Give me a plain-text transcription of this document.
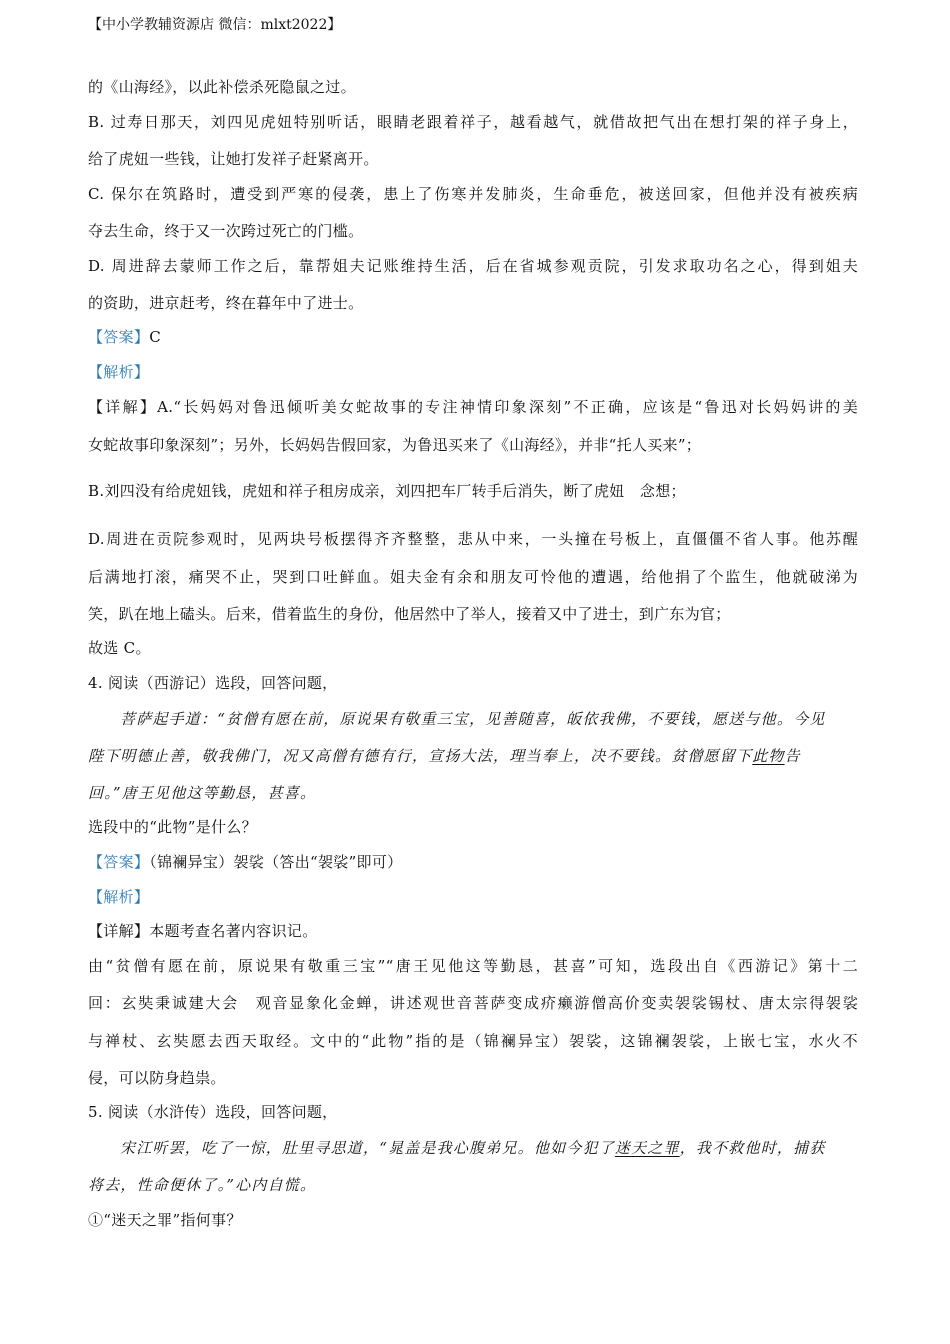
【中小学教辅资源店 微信：mlxt2022】
的《山海经》，以此补偿杀死隐鼠之过。
B. 过寿日那天，刘四见虎妞特别听话，眼睛老跟着祥子，越看越气，就借故把气出在想打架的祥子身上，
给了虎妞一些钱，让她打发祥子赶紧离开。
C. 保尔在筑路时，遭受到严寒的侵袭，患上了伤寒并发肺炎，生命垂危，被送回家，但他并没有被疾病
夺去生命，终于又一次跨过死亡的门槛。
D. 周进辞去蒙师工作之后，靠帮姐夫记账维持生活，后在省城参观贡院，引发求取功名之心，得到姐夫
的资助，进京赶考，终在暮年中了进士。
【答案】C
【解析】
【详解】A.“长妈妈对鲁迅倾听美女蛇故事的专注神情印象深刻”不正确，应该是“鲁迅对长妈妈讲的美
女蛇故事印象深刻”；另外，长妈妈告假回家，为鲁迅买来了《山海经》，并非“托人买来”；
B.刘四没有给虎妞钱，虎妞和祥子租房成亲，刘四把车厂转手后消失，断了虎妞　念想；
D.周进在贡院参观时，见两块号板摆得齐齐整整，悲从中来，一头撞在号板上，直僵僵不省人事。他苏醒
后满地打滚，痛哭不止，哭到口吐鲜血。姐夫金有余和朋友可怜他的遭遇，给他捐了个监生，他就破涕为
笑，趴在地上磕头。后来，借着监生的身份，他居然中了举人，接着又中了进士，到广东为官；
故选 C。
4. 阅读（西游记）选段，回答问题，
菩萨起手道：“贫僧有愿在前，原说果有敬重三宝，见善随喜，皈依我佛，不要钱，愿送与他。今见
陛下明德止善，敬我佛门，况又高僧有德有行，宣扬大法，理当奉上，决不要钱。贫僧愿留下此物告
回。”唐王见他这等勤恳，甚喜。
选段中的“此物”是什么？
【答案】（锦襕异宝）袈裟（答出“袈裟”即可）
【解析】
【详解】本题考查名著内容识记。
由“贫僧有愿在前，原说果有敬重三宝”“唐王见他这等勤恳，甚喜”可知，选段出自《西游记》第十二
回：玄奘秉诚建大会　观音显象化金蝉，讲述观世音菩萨变成疥癞游僧高价变卖袈裟锡杖、唐太宗得袈裟
与禅杖、玄奘愿去西天取经。文中的“此物”指的是（锦襕异宝）袈裟，这锦襕袈裟，上嵌七宝，水火不
侵，可以防身趋祟。
5. 阅读（水浒传）选段，回答问题，
宋江听罢，吃了一惊，肚里寻思道，“晁盖是我心腹弟兄。他如今犯了迷天之罪，我不救他时，捕获
将去，性命便休了。”心内自慌。
①“迷天之罪”指何事？
